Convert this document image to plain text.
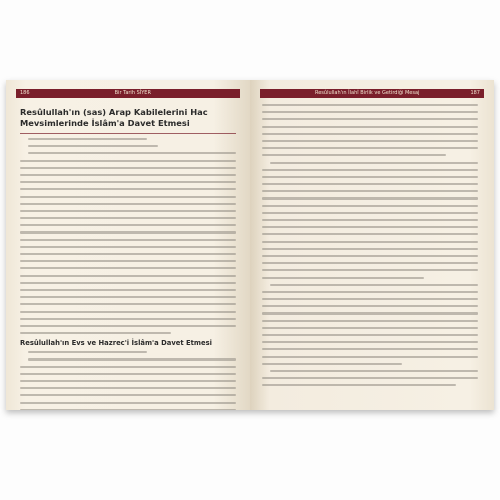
186	Bir Tarih SİYER
Resûlullah'ın (sas) Arap Kabilelerini Hac Mevsimlerinde İslâm'a Davet Etmesi
Resûlullah'ın Evs ve Hazrec'i İslâm'a Davet Etmesi
Resûlullah'ın İlahî Birlik ve Getirdiği Mesaj	187
